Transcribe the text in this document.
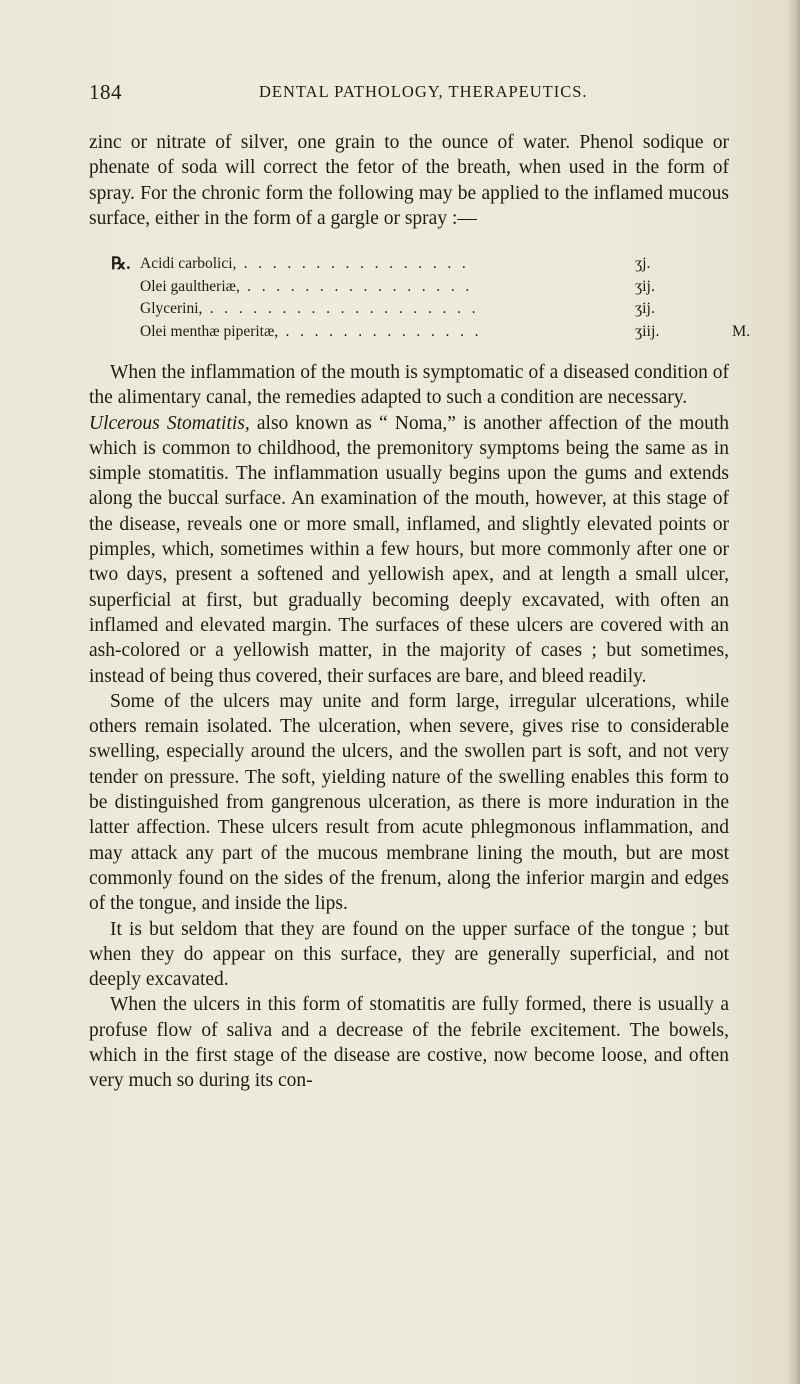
184	DENTAL PATHOLOGY, THERAPEUTICS.
zinc or nitrate of silver, one grain to the ounce of water. Phenol sodique or phenate of soda will correct the fetor of the breath, when used in the form of spray. For the chronic form the following may be applied to the inflamed mucous surface, either in the form of a gargle or spray :—
℞. Acidi carbolici, . . . . . . . . . . . . . . . .	ʒj.
Olei gaultheriæ, . . . . . . . . . . . . . . . .	ʒij.
Glycerini, . . . . . . . . . . . . . . . . . . .	ʒij.
Olei menthæ piperitæ, . . . . . . . . . . . . . .	ʒiij.	M.

When the inflammation of the mouth is symptomatic of a diseased condition of the alimentary canal, the remedies adapted to such a condition are necessary.

Ulcerous Stomatitis, also known as “ Noma,” is another affection of the mouth which is common to childhood, the premonitory symptoms being the same as in simple stomatitis. The inflammation usually begins upon the gums and extends along the buccal surface. An examination of the mouth, however, at this stage of the disease, reveals one or more small, inflamed, and slightly elevated points or pimples, which, sometimes within a few hours, but more commonly after one or two days, present a softened and yellowish apex, and at length a small ulcer, superficial at first, but gradually becoming deeply excavated, with often an inflamed and elevated margin. The surfaces of these ulcers are covered with an ash-colored or a yellowish matter, in the majority of cases ; but sometimes, instead of being thus covered, their surfaces are bare, and bleed readily.

Some of the ulcers may unite and form large, irregular ulcerations, while others remain isolated. The ulceration, when severe, gives rise to considerable swelling, especially around the ulcers, and the swollen part is soft, and not very tender on pressure. The soft, yielding nature of the swelling enables this form to be distinguished from gangrenous ulceration, as there is more induration in the latter affection. These ulcers result from acute phlegmonous inflammation, and may attack any part of the mucous membrane lining the mouth, but are most commonly found on the sides of the frenum, along the inferior margin and edges of the tongue, and inside the lips.

It is but seldom that they are found on the upper surface of the tongue ; but when they do appear on this surface, they are generally superficial, and not deeply excavated.

When the ulcers in this form of stomatitis are fully formed, there is usually a profuse flow of saliva and a decrease of the febrile excitement. The bowels, which in the first stage of the disease are costive, now become loose, and often very much so during its con-
